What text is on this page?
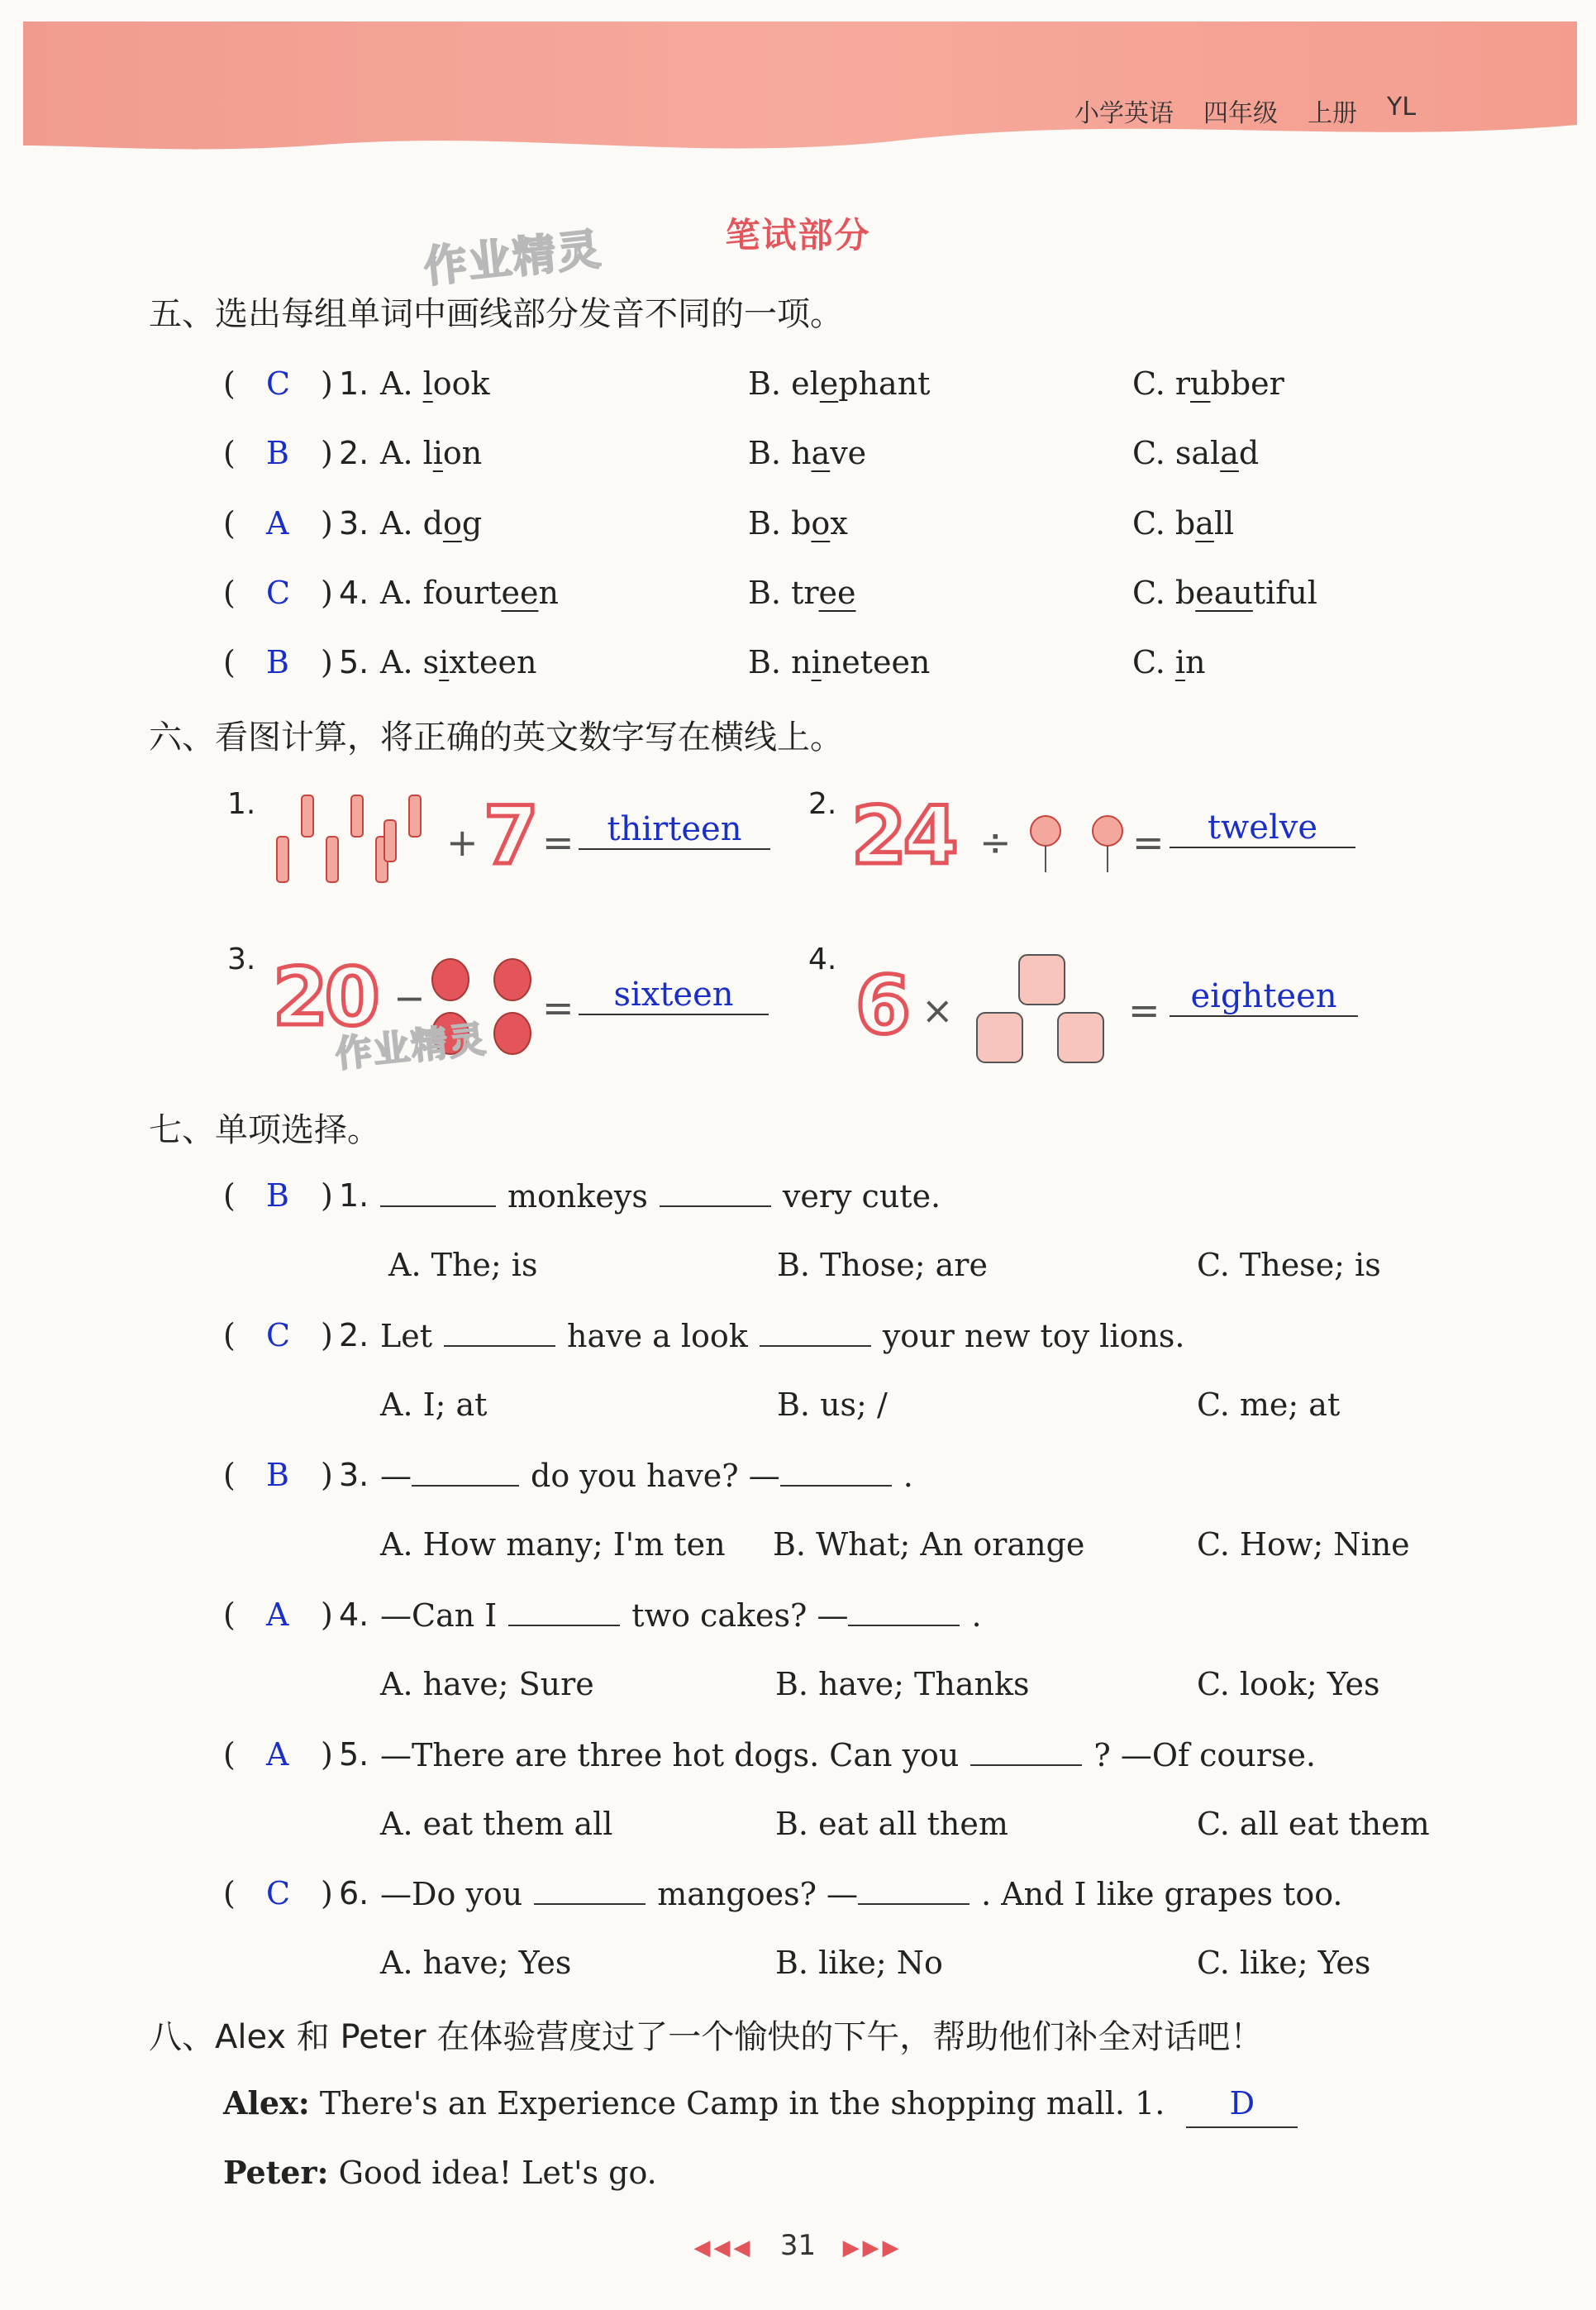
小学英语 四年级 上册 YL
笔试部分
作业精灵
五、选出每组单词中画线部分发音不同的一项。
( C ) 1. A. look	B. elephant	C. rubber
( B ) 2. A. lion	B. have	C. salad
( A ) 3. A. dog	B. box	C. ball
( C ) 4. A. fourteen	B. tree	C. beautiful
( B ) 5. A. sixteen	B. nineteen	C. in
六、看图计算，将正确的英文数字写在横线上。
1.
+ 7 = thirteen
2. 24 ÷	=	twelve
3. 20 −
作业精灵
=	sixteen
4. 6 ×	= eighteen
七、单项选择。
( B ) 1.	monkeys	very cute.
A. The; is	B. Those; are	C. These; is
( C ) 2. Let	have a look	your new toy lions.
A. I; at	B. us; /	C. me; at
( B ) 3. —	do you have? —	.
A. How many; I'm ten B. What; An orange	C. How; Nine
( A ) 4. —Can I	two cakes? —	.
A. have; Sure	B. have; Thanks	C. look; Yes
( A ) 5. —There are three hot dogs. Can you	? —Of course.
A. eat them all	B. eat all them	C. all eat them
( C ) 6. —Do you	mangoes? —	. And I like grapes too.
A. have; Yes	B. like; No	C. like; Yes
八、Alex 和 Peter 在体验营度过了一个愉快的下午，帮助他们补全对话吧！
Alex: There's an Experience Camp in the shopping mall. 1. D
Peter: Good idea! Let's go.
◀◀◀ 31 ▶▶▶
